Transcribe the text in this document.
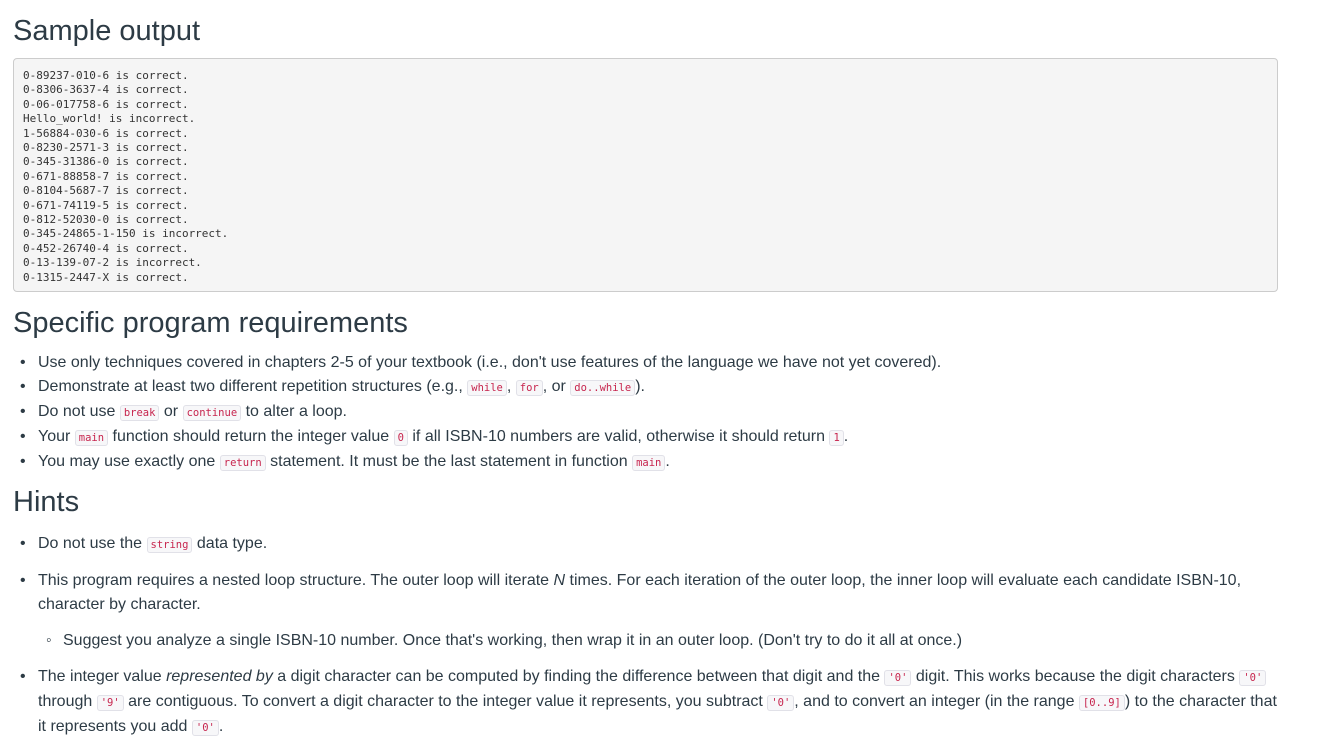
Sample output
0-89237-010-6 is correct.
0-8306-3637-4 is correct.
0-06-017758-6 is correct.
Hello_world! is incorrect.
1-56884-030-6 is correct.
0-8230-2571-3 is correct.
0-345-31386-0 is correct.
0-671-88858-7 is correct.
0-8104-5687-7 is correct.
0-671-74119-5 is correct.
0-812-52030-0 is correct.
0-345-24865-1-150 is incorrect.
0-452-26740-4 is correct.
0-13-139-07-2 is incorrect.
0-1315-2447-X is correct.
Specific program requirements
• Use only techniques covered in chapters 2-5 of your textbook (i.e., don't use features of the language we have not yet covered).
• Demonstrate at least two different repetition structures (e.g., while , for , or do..while ).
• Do not use break or continue to alter a loop.
• Your main function should return the integer value 0 if all ISBN-10 numbers are valid, otherwise it should return 1 .
• You may use exactly one return statement. It must be the last statement in function main .
Hints
• Do not use the string data type.
• This program requires a nested loop structure. The outer loop will iterate N times. For each iteration of the outer loop, the inner loop will evaluate each candidate ISBN-10, character by character.
◦ Suggest you analyze a single ISBN-10 number. Once that's working, then wrap it in an outer loop. (Don't try to do it all at once.)
• The integer value represented by a digit character can be computed by finding the difference between that digit and the '0' digit. This works because the digit characters '0' through '9' are contiguous. To convert a digit character to the integer value it represents, you subtract '0' , and to convert an integer (in the range [0..9] ) to the character that it represents you add '0' .
